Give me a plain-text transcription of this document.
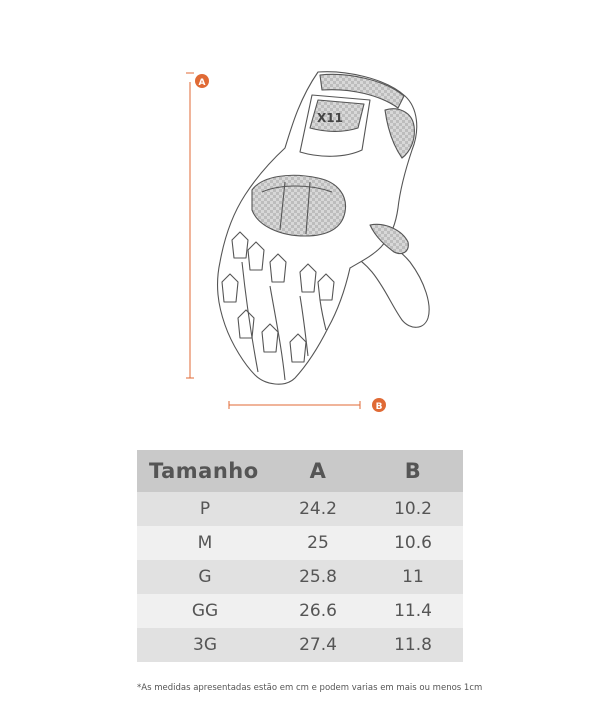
A
B
X11
Tamanho	A	B
P	24.2	10.2
M	25	10.6
G	25.8	11
GG	26.6	11.4
3G	27.4	11.8
*As medidas apresentadas estão em cm e podem varias em mais ou menos 1cm
